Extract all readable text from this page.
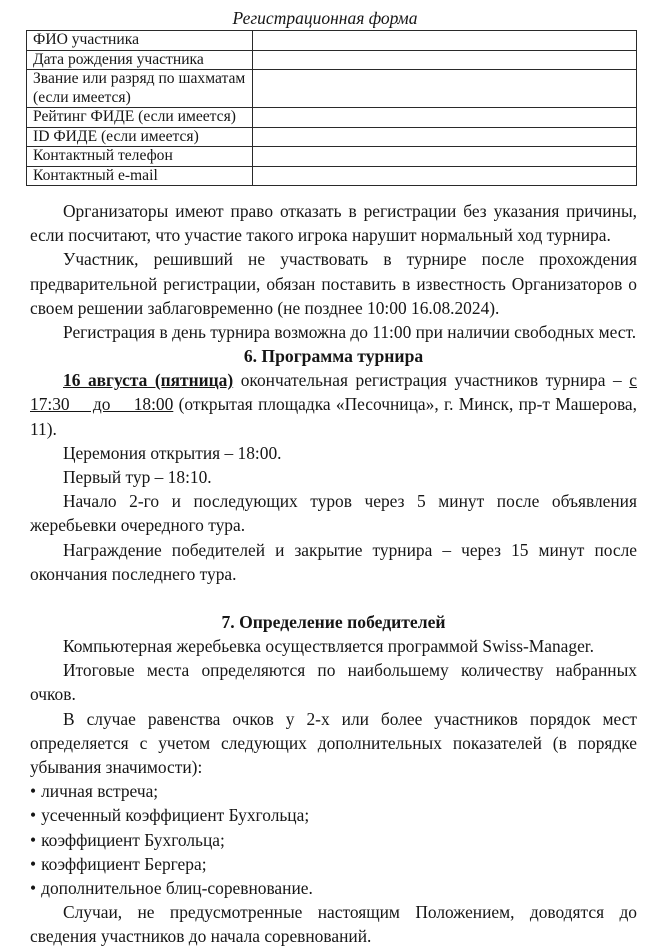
Регистрационная форма
ФИО участника	
Дата рождения участника	
Звание или разряд по шахматам (если имеется)	
Рейтинг ФИДЕ (если имеется)	
ID ФИДЕ (если имеется)	
Контактный телефон	
Контактный e-mail	

Организаторы имеют право отказать в регистрации без указания причины, если посчитают, что участие такого игрока нарушит нормальный ход турнира.

Участник, решивший не участвовать в турнире после прохождения предварительной регистрации, обязан поставить в известность Организаторов о своем решении заблаговременно (не позднее 10:00 16.08.2024).

Регистрация в день турнира возможна до 11:00 при наличии свободных мест.

6. Программа турнира

16 августа (пятница) окончательная регистрация участников турнира – с 17:30 до 18:00 (открытая площадка «Песочница», г. Минск, пр-т Машерова, 11).

Церемония открытия – 18:00.

Первый тур – 18:10.

Начало 2-го и последующих туров через 5 минут после объявления жеребьевки очередного тура.

Награждение победителей и закрытие турнира – через 15 минут после окончания последнего тура.

7. Определение победителей

Компьютерная жеребьевка осуществляется программой Swiss-Manager.

Итоговые места определяются по наибольшему количеству набранных очков.

В случае равенства очков у 2-х или более участников порядок мест определяется с учетом следующих дополнительных показателей (в порядке убывания значимости):

• личная встреча;
• усеченный коэффициент Бухгольца;
• коэффициент Бухгольца;
• коэффициент Бергера;
• дополнительное блиц-соревнование.

Случаи, не предусмотренные настоящим Положением, доводятся до сведения участников до начала соревнований.
